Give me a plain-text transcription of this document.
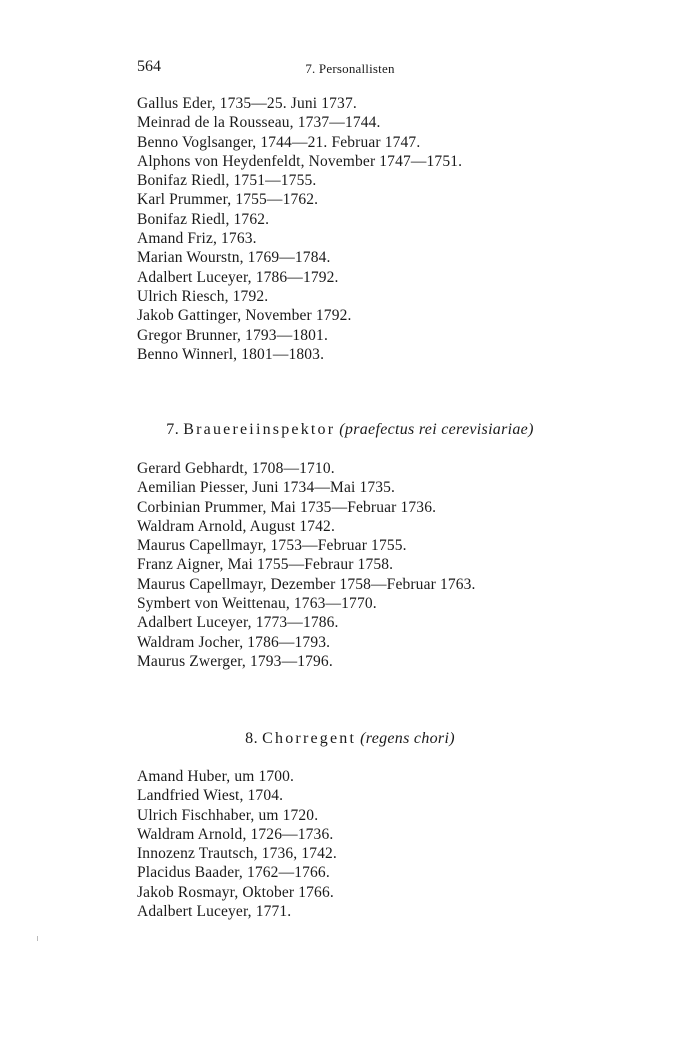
564	7. Personallisten
Gallus Eder, 1735—25. Juni 1737.
Meinrad de la Rousseau, 1737—1744.
Benno Voglsanger, 1744—21. Februar 1747.
Alphons von Heydenfeldt, November 1747—1751.
Bonifaz Riedl, 1751—1755.
Karl Prummer, 1755—1762.
Bonifaz Riedl, 1762.
Amand Friz, 1763.
Marian Wourstn, 1769—1784.
Adalbert Luceyer, 1786—1792.
Ulrich Riesch, 1792.
Jakob Gattinger, November 1792.
Gregor Brunner, 1793—1801.
Benno Winnerl, 1801—1803.
7. Brauereiinspektor (praefectus rei cerevisiariae)
Gerard Gebhardt, 1708—1710.
Aemilian Piesser, Juni 1734—Mai 1735.
Corbinian Prummer, Mai 1735—Februar 1736.
Waldram Arnold, August 1742.
Maurus Capellmayr, 1753—Februar 1755.
Franz Aigner, Mai 1755—Febraur 1758.
Maurus Capellmayr, Dezember 1758—Februar 1763.
Symbert von Weittenau, 1763—1770.
Adalbert Luceyer, 1773—1786.
Waldram Jocher, 1786—1793.
Maurus Zwerger, 1793—1796.
8. Chorregent (regens chori)
Amand Huber, um 1700.
Landfried Wiest, 1704.
Ulrich Fischhaber, um 1720.
Waldram Arnold, 1726—1736.
Innozenz Trautsch, 1736, 1742.
Placidus Baader, 1762—1766.
Jakob Rosmayr, Oktober 1766.
Adalbert Luceyer, 1771.
